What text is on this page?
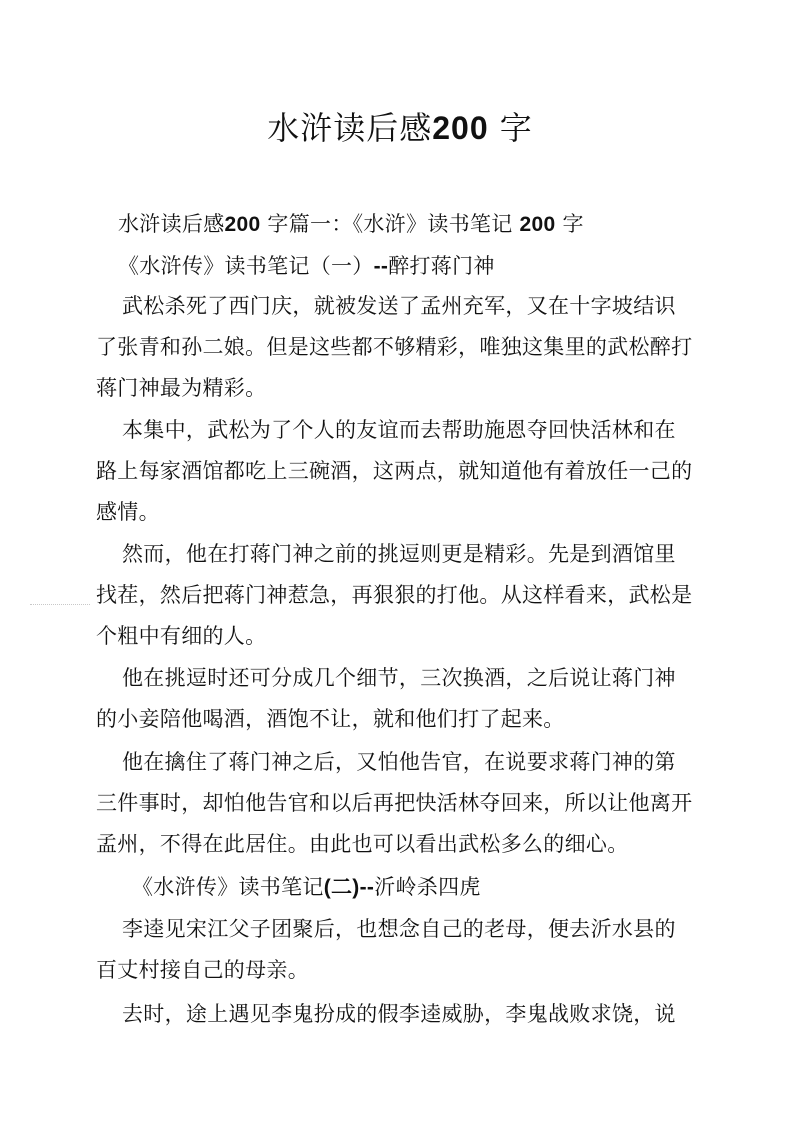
水浒读后感200 字
水浒读后感200 字篇一：《水浒》读书笔记 200 字
《水浒传》读书笔记（一）--醉打蒋门神
武松杀死了西门庆，就被发送了孟州充军，又在十字坡结识
了张青和孙二娘。但是这些都不够精彩，唯独这集里的武松醉打
蒋门神最为精彩。
本集中，武松为了个人的友谊而去帮助施恩夺回快活林和在
路上每家酒馆都吃上三碗酒，这两点，就知道他有着放任一己的
感情。
然而，他在打蒋门神之前的挑逗则更是精彩。先是到酒馆里
找茬，然后把蒋门神惹急，再狠狠的打他。从这样看来，武松是
个粗中有细的人。
他在挑逗时还可分成几个细节，三次换酒，之后说让蒋门神
的小妾陪他喝酒，酒饱不让，就和他们打了起来。
他在擒住了蒋门神之后，又怕他告官，在说要求蒋门神的第
三件事时，却怕他告官和以后再把快活林夺回来，所以让他离开
孟州，不得在此居住。由此也可以看出武松多么的细心。
《水浒传》读书笔记(二)--沂岭杀四虎
李逵见宋江父子团聚后，也想念自己的老母，便去沂水县的
百丈村接自己的母亲。
去时，途上遇见李鬼扮成的假李逵威胁，李鬼战败求饶，说
